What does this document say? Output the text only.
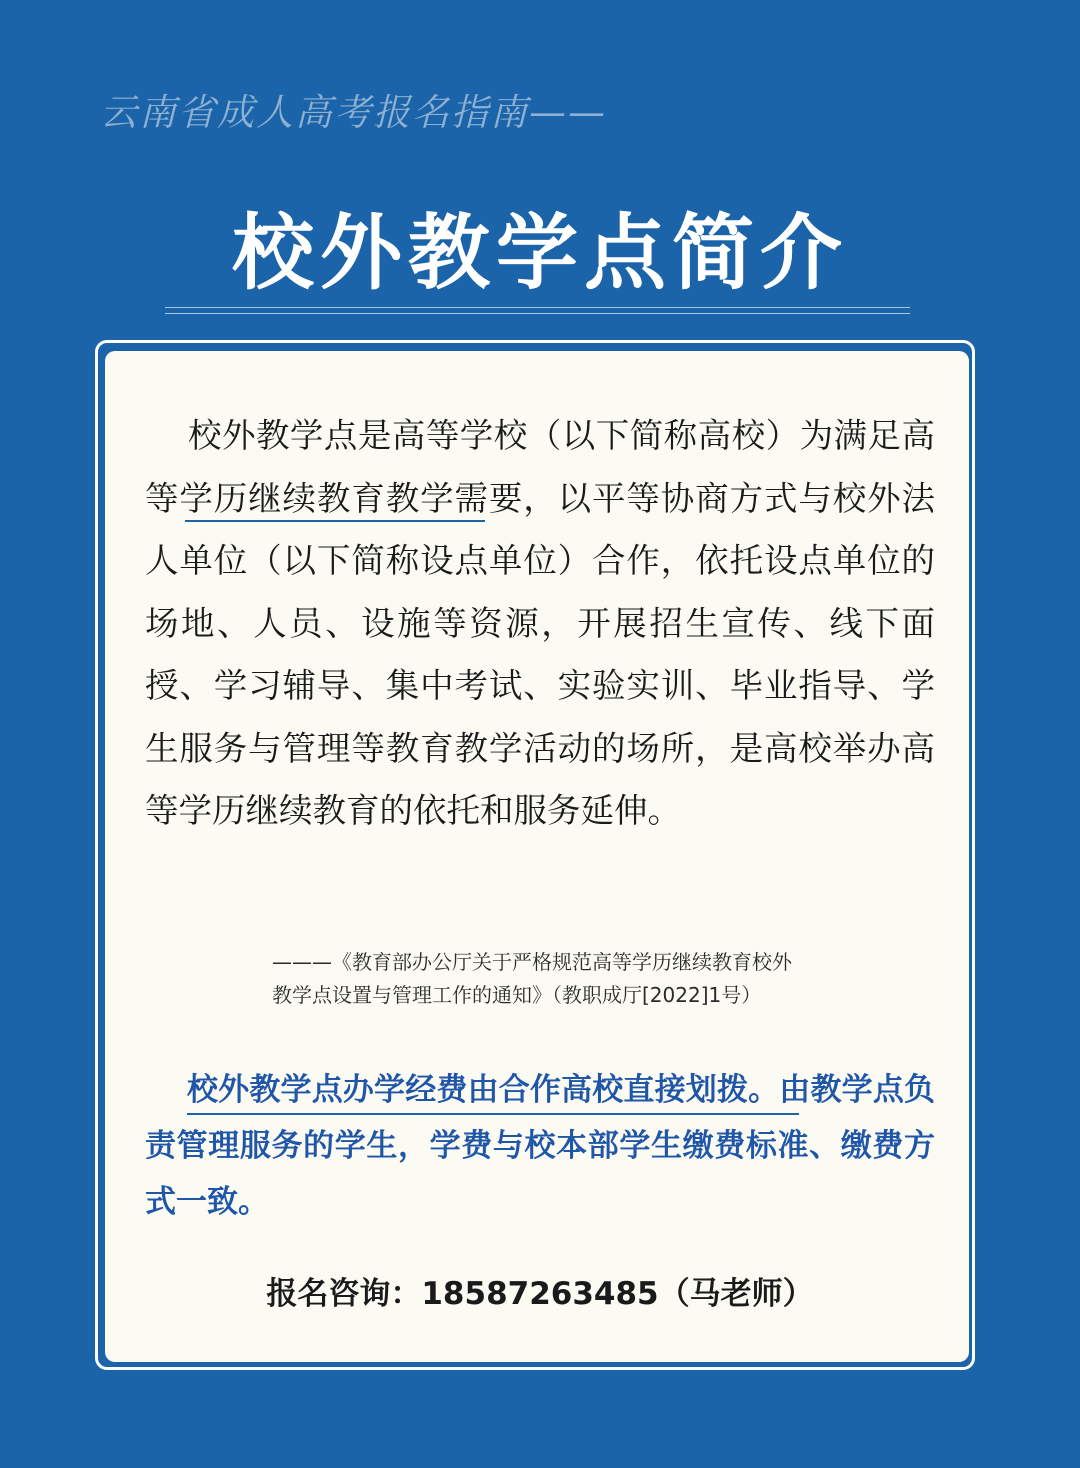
云南省成人高考报名指南——
校外教学点简介

校外教学点是高等学校（以下简称高校）为满足高等学历继续教育教学需要，以平等协商方式与校外法人单位（以下简称设点单位）合作，依托设点单位的场地、人员、设施等资源，开展招生宣传、线下面授、学习辅导、集中考试、实验实训、毕业指导、学生服务与管理等教育教学活动的场所，是高校举办高等学历继续教育的依托和服务延伸。

———《教育部办公厅关于严格规范高等学历继续教育校外
教学点设置与管理工作的通知》（教职成厅[2022]1号）

校外教学点办学经费由合作高校直接划拨。由教学点负责管理服务的学生，学费与校本部学生缴费标准、缴费方式一致。

报名咨询：18587263485（马老师）
